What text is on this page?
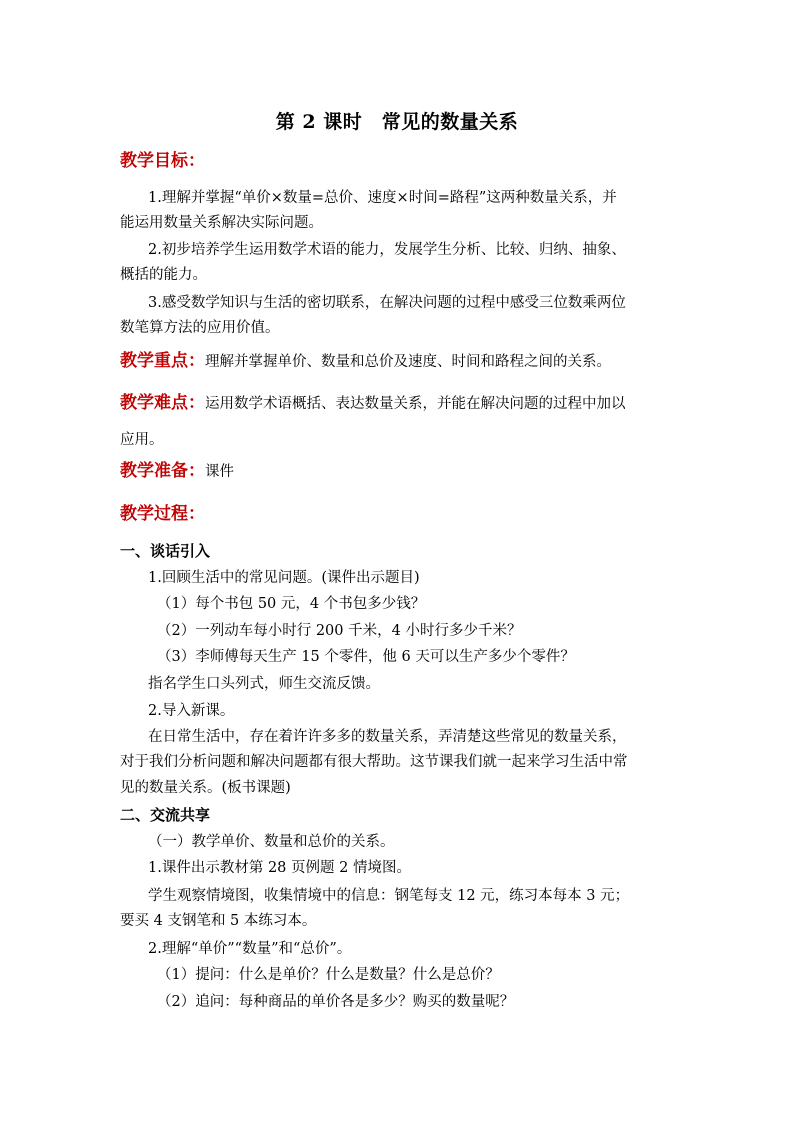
第 2 课时　常见的数量关系
教学目标：
1.理解并掌握“单价×数量=总价、速度×时间=路程”这两种数量关系，并
能运用数量关系解决实际问题。
2.初步培养学生运用数学术语的能力，发展学生分析、比较、归纳、抽象、
概括的能力。
3.感受数学知识与生活的密切联系，在解决问题的过程中感受三位数乘两位
数笔算方法的应用价值。
教学重点：理解并掌握单价、数量和总价及速度、时间和路程之间的关系。
教学难点：运用数学术语概括、表达数量关系，并能在解决问题的过程中加以
应用。
教学准备：课件
教学过程：
一、谈话引入
1.回顾生活中的常见问题。(课件出示题目)
（1）每个书包 50 元，4 个书包多少钱？
（2）一列动车每小时行 200 千米，4 小时行多少千米？
（3）李师傅每天生产 15 个零件，他 6 天可以生产多少个零件？
指名学生口头列式，师生交流反馈。
2.导入新课。
在日常生活中，存在着许许多多的数量关系，弄清楚这些常见的数量关系，
对于我们分析问题和解决问题都有很大帮助。这节课我们就一起来学习生活中常
见的数量关系。(板书课题)
二、交流共享
（一）教学单价、数量和总价的关系。
1.课件出示教材第 28 页例题 2 情境图。
学生观察情境图，收集情境中的信息：钢笔每支 12 元，练习本每本 3 元；
要买 4 支钢笔和 5 本练习本。
2.理解“单价”“数量”和“总价”。
（1）提问：什么是单价？什么是数量？什么是总价？
（2）追问：每种商品的单价各是多少？购买的数量呢？
